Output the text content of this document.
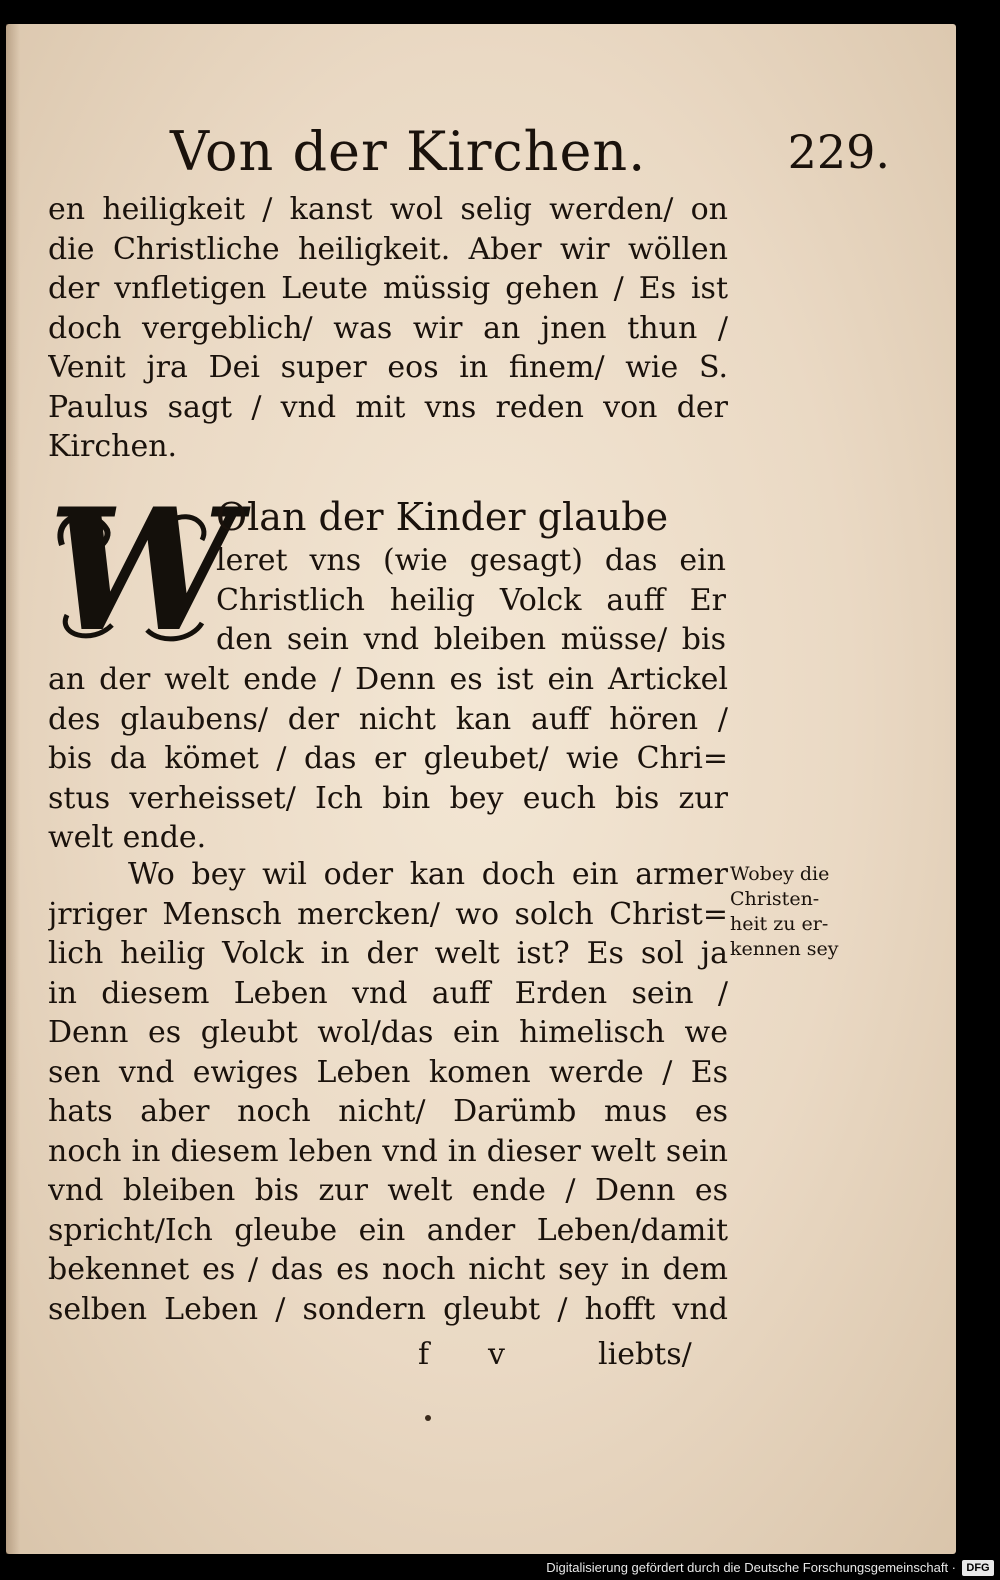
Von der Kirchen.	229.
en heiligkeit / kanst wol selig werden/ on
die Christliche heiligkeit. Aber wir wöllen
der vnfletigen Leute müssig gehen / Es ist
doch vergeblich/ was wir an jnen thun /
Venit jra Dei super eos in finem/ wie S.
Paulus sagt / vnd mit vns reden von der
Kirchen.
W
Olan der Kinder glaube
leret vns (wie gesagt) das ein
Christlich heilig Volck auff Er
den sein vnd bleiben müsse/ bis
an der welt ende / Denn es ist ein Artickel
des glaubens/ der nicht kan auff hören /
bis da kömet / das er gleubet/ wie Chri=
stus verheisset/ Ich bin bey euch bis zur
welt ende.
Wo bey wil oder kan doch ein armer
jrriger Mensch mercken/ wo solch Christ=
lich heilig Volck in der welt ist? Es sol ja
in diesem Leben vnd auff Erden sein /
Denn es gleubt wol/das ein himelisch we
sen vnd ewiges Leben komen werde / Es
hats aber noch nicht/ Darümb mus es
noch in diesem leben vnd in dieser welt sein
vnd bleiben bis zur welt ende / Denn es
spricht/Ich gleube ein ander Leben/damit
bekennet es / das es noch nicht sey in dem
selben Leben / sondern gleubt / hofft vnd
Wobey die
Christen-
heit zu er-
kennen sey
f v	liebts/
Digitalisierung gefördert durch die Deutsche Forschungsgemeinschaft · DFG
